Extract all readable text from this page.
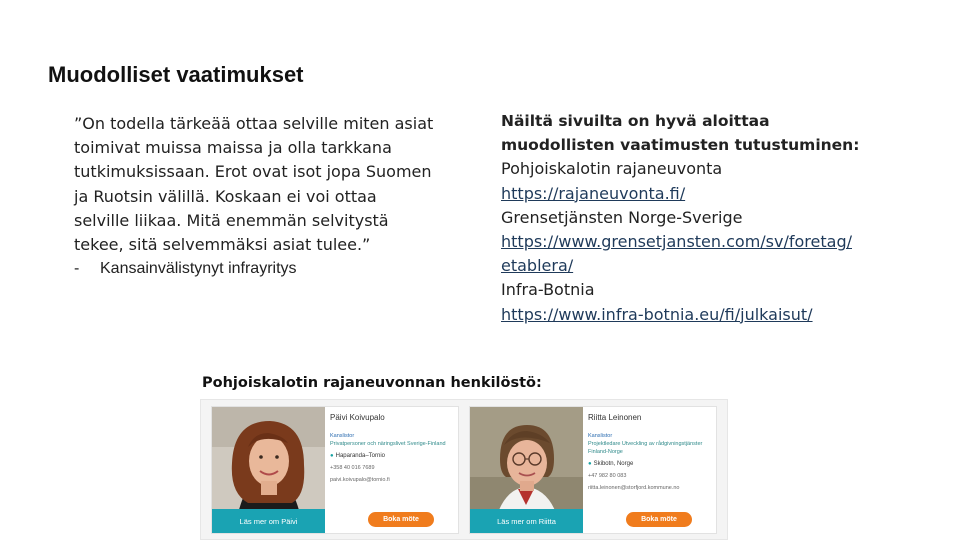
Muodolliset vaatimukset

”On todella tärkeää ottaa selville miten asiat toimivat muissa maissa ja olla tarkkana tutkimuksissaan. Erot ovat isot jopa Suomen ja Ruotsin välillä. Koskaan ei voi ottaa selville liikaa. Mitä enemmän selvitystä tekee, sitä selvemmäksi asiat tulee.”

- Kansainvälistynyt infrayritys

Näiltä sivuilta on hyvä aloittaa muodollisten vaatimusten tutustuminen:
Pohjoiskalotin rajaneuvonta
https://rajaneuvonta.fi/
Grensetjänsten Norge-Sverige
https://www.grensetjansten.com/sv/foretag/etablera/
Infra-Botnia
https://www.infra-botnia.eu/fi/julkaisut/
Pohjoiskalotin rajaneuvonnan henkilöstö:
Päivi Koivupalo
Kanslistor
Privatpersoner och näringslivet Sverige-Finland
● Haparanda–Tornio
+358 40 016 7689
paivi.koivupalo@tornio.fi
Läs mer om Päivi	Boka möte
Riitta Leinonen
Kanslistor
Projektledare Utveckling av rådgivningstjänster Finland-Norge
● Skibotn, Norge
+47 982 80 083
riitta.leinonen@storfjord.kommune.no
Läs mer om Riitta	Boka möte
